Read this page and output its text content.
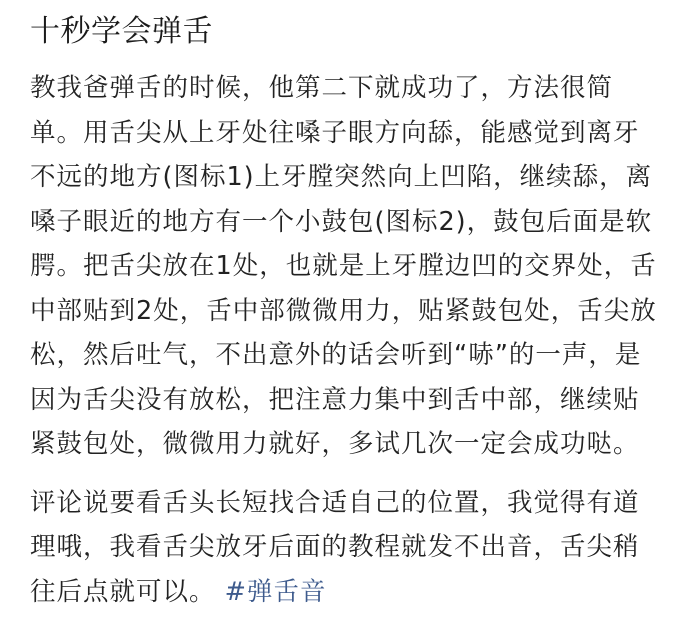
十秒学会弹舌

教我爸弹舌的时候，他第二下就成功了，方法很简单。用舌尖从上牙处往嗓子眼方向舔，能感觉到离牙不远的地方(图标1)上牙膛突然向上凹陷，继续舔，离嗓子眼近的地方有一个小鼓包(图标2)，鼓包后面是软腭。把舌尖放在1处，也就是上牙膛边凹的交界处，舌中部贴到2处，舌中部微微用力，贴紧鼓包处，舌尖放松，然后吐气，不出意外的话会听到“哧”的一声，是因为舌尖没有放松，把注意力集中到舌中部，继续贴紧鼓包处，微微用力就好，多试几次一定会成功哒。

评论说要看舌头长短找合适自己的位置，我觉得有道理哦，我看舌尖放牙后面的教程就发不出音，舌尖稍往后点就可以。 #弹舌音
